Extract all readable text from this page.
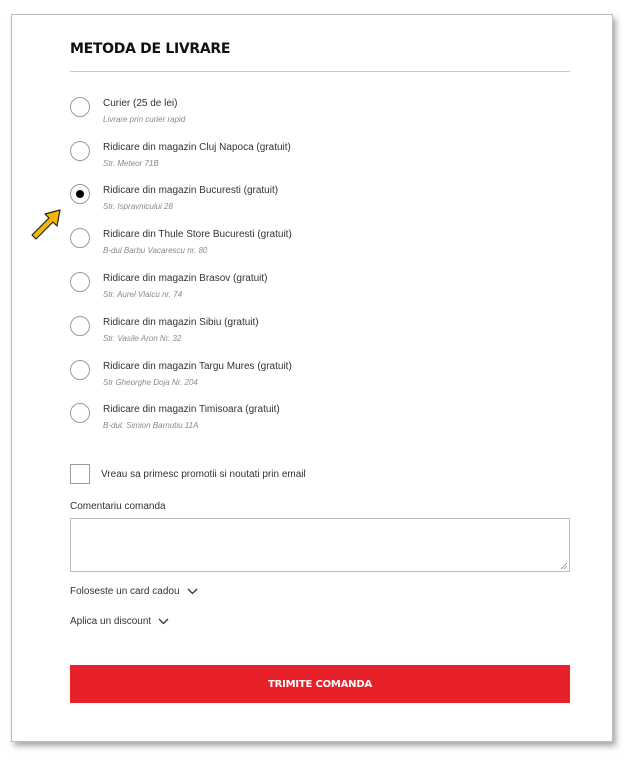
METODA DE LIVRARE
Curier (25 de lei)
Livrare prin curier rapid
Ridicare din magazin Cluj Napoca (gratuit)
Str. Meteor 71B
Ridicare din magazin Bucuresti (gratuit)
Str. Ispravnicului 28
Ridicare din Thule Store Bucuresti (gratuit)
B-dul Barbu Vacarescu nr. 80
Ridicare din magazin Brasov (gratuit)
Str. Aurel Vlaicu nr. 74
Ridicare din magazin Sibiu (gratuit)
Str. Vasile Aron Nr. 32
Ridicare din magazin Targu Mures (gratuit)
Str Gheorghe Doja Nr. 204
Ridicare din magazin Timisoara (gratuit)
B-dul. Simion Barnutiu 11A
Vreau sa primesc promotii si noutati prin email
Comentariu comanda
Foloseste un card cadou
Aplica un discount
TRIMITE COMANDA
